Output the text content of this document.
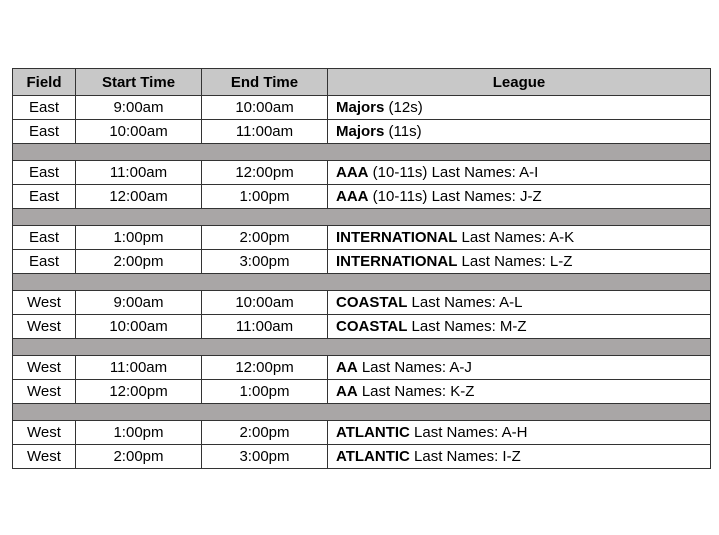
Field	Start Time	End Time	League
East	9:00am	10:00am	Majors (12s)
East	10:00am	11:00am	Majors (11s)

East	11:00am	12:00pm	AAA (10-11s) Last Names: A-I
East	12:00am	1:00pm	AAA (10-11s) Last Names: J-Z

East	1:00pm	2:00pm	INTERNATIONAL Last Names: A-K
East	2:00pm	3:00pm	INTERNATIONAL Last Names: L-Z

West	9:00am	10:00am	COASTAL Last Names: A-L
West	10:00am	11:00am	COASTAL Last Names: M-Z

West	11:00am	12:00pm	AA Last Names: A-J
West	12:00pm	1:00pm	AA Last Names: K-Z

West	1:00pm	2:00pm	ATLANTIC Last Names: A-H
West	2:00pm	3:00pm	ATLANTIC Last Names: I-Z
